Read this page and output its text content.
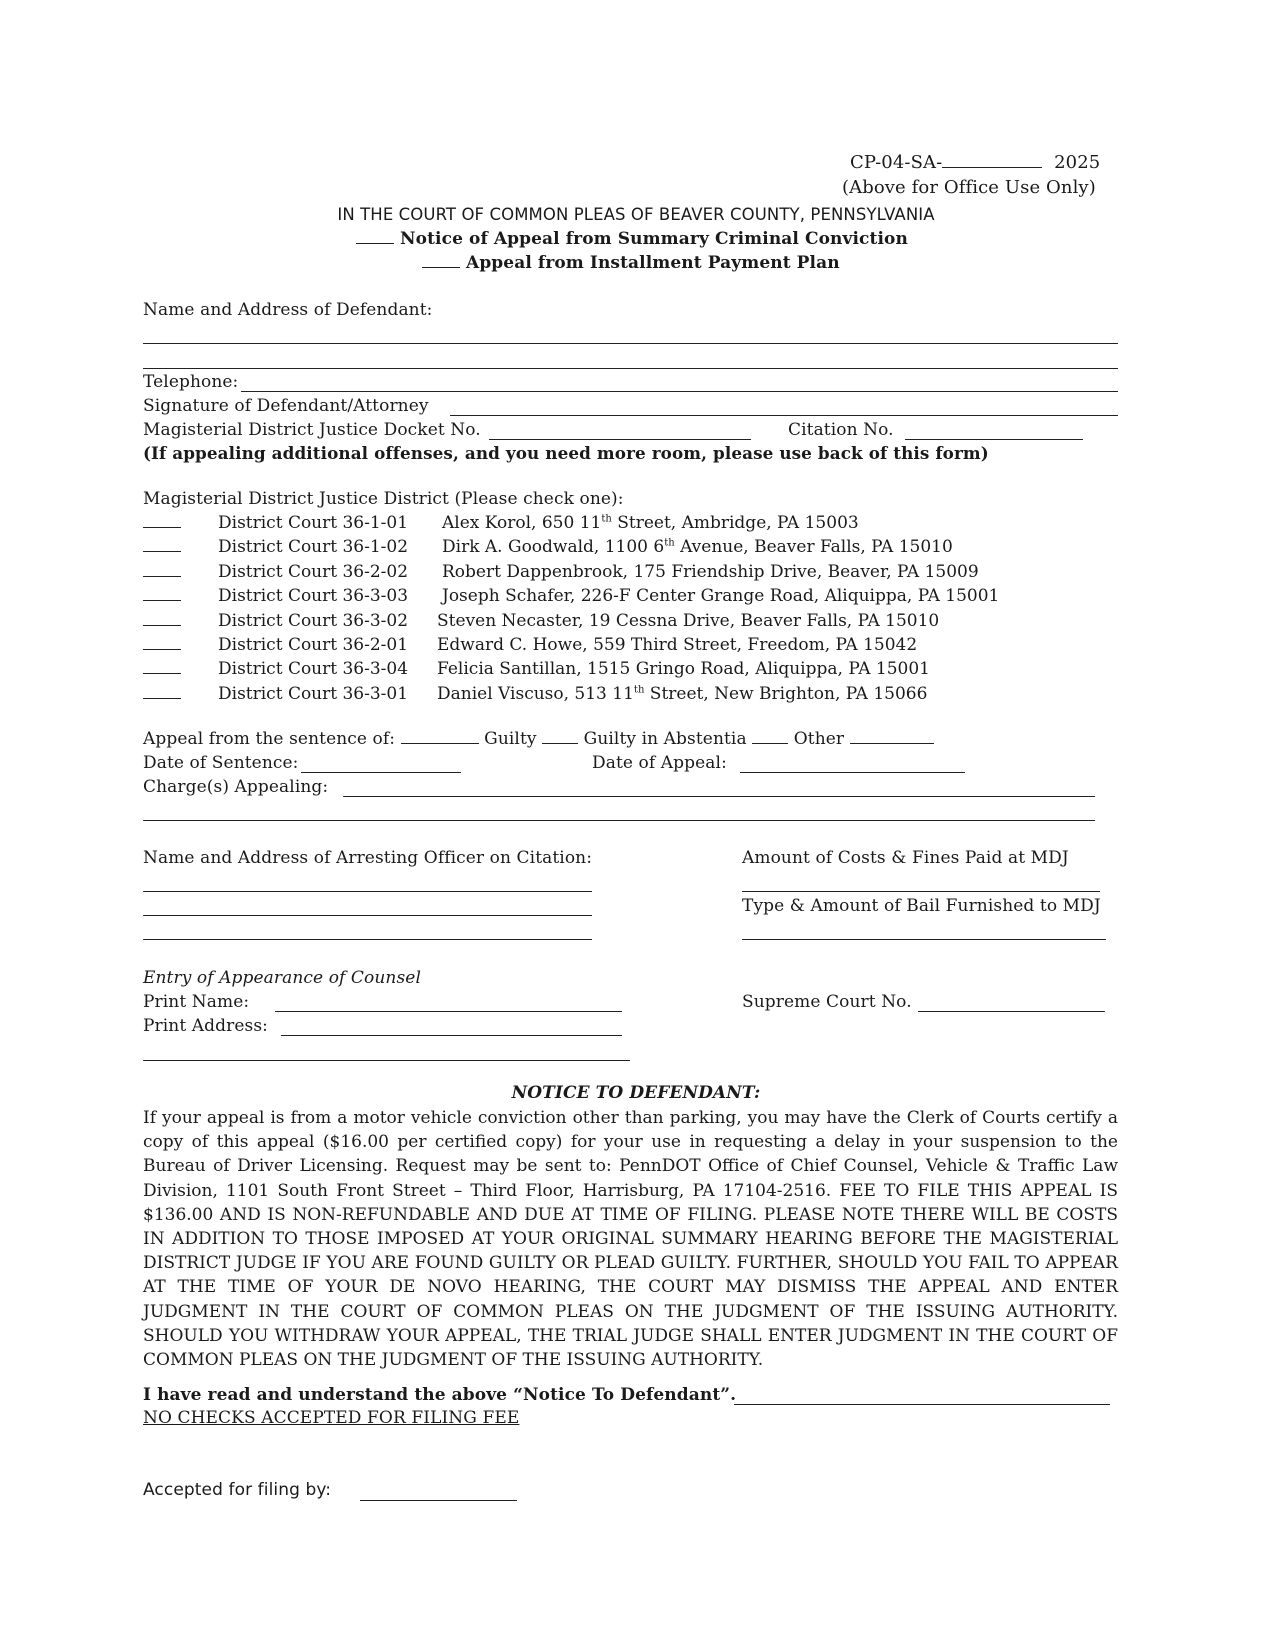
CP-04-SA-	2025
(Above for Office Use Only)
IN THE COURT OF COMMON PLEAS OF BEAVER COUNTY, PENNSYLVANIA
Notice of Appeal from Summary Criminal Conviction
Appeal from Installment Payment Plan
Name and Address of Defendant:
Telephone:
Signature of Defendant/Attorney
Magisterial District Justice Docket No.	Citation No.
(If appealing additional offenses, and you need more room, please use back of this form)
Magisterial District Justice District (Please check one):
District Court 36-1-01 Alex Korol, 650 11th Street, Ambridge, PA 15003
District Court 36-1-02 Dirk A. Goodwald, 1100 6th Avenue, Beaver Falls, PA 15010
District Court 36-2-02 Robert Dappenbrook, 175 Friendship Drive, Beaver, PA 15009
District Court 36-3-03 Joseph Schafer, 226-F Center Grange Road, Aliquippa, PA 15001
District Court 36-3-02 Steven Necaster, 19 Cessna Drive, Beaver Falls, PA 15010
District Court 36-2-01 Edward C. Howe, 559 Third Street, Freedom, PA 15042
District Court 36-3-04 Felicia Santillan, 1515 Gringo Road, Aliquippa, PA 15001
District Court 36-3-01 Daniel Viscuso, 513 11th Street, New Brighton, PA 15066
Appeal from the sentence of:	Guilty	Guilty in Abstentia	Other
Date of Sentence:	Date of Appeal:
Charge(s) Appealing:
Name and Address of Arresting Officer on Citation:	Amount of Costs & Fines Paid at MDJ
Type & Amount of Bail Furnished to MDJ
Entry of Appearance of Counsel
Print Name:
Print Address:
Supreme Court No.
NOTICE TO DEFENDANT:
If your appeal is from a motor vehicle conviction other than parking, you may have the Clerk of Courts certify a copy of this appeal ($16.00 per certified copy) for your use in requesting a delay in your suspension to the Bureau of Driver Licensing. Request may be sent to: PennDOT Office of Chief Counsel, Vehicle & Traffic Law Division, 1101 South Front Street – Third Floor, Harrisburg, PA 17104-2516. FEE TO FILE THIS APPEAL IS $136.00 AND IS NON-REFUNDABLE AND DUE AT TIME OF FILING. PLEASE NOTE THERE WILL BE COSTS IN ADDITION TO THOSE IMPOSED AT YOUR ORIGINAL SUMMARY HEARING BEFORE THE MAGISTERIAL DISTRICT JUDGE IF YOU ARE FOUND GUILTY OR PLEAD GUILTY. FURTHER, SHOULD YOU FAIL TO APPEAR AT THE TIME OF YOUR DE NOVO HEARING, THE COURT MAY DISMISS THE APPEAL AND ENTER JUDGMENT IN THE COURT OF COMMON PLEAS ON THE JUDGMENT OF THE ISSUING AUTHORITY. SHOULD YOU WITHDRAW YOUR APPEAL, THE TRIAL JUDGE SHALL ENTER JUDGMENT IN THE COURT OF COMMON PLEAS ON THE JUDGMENT OF THE ISSUING AUTHORITY.
I have read and understand the above “Notice To Defendant”.
NO CHECKS ACCEPTED FOR FILING FEE
Accepted for filing by:
